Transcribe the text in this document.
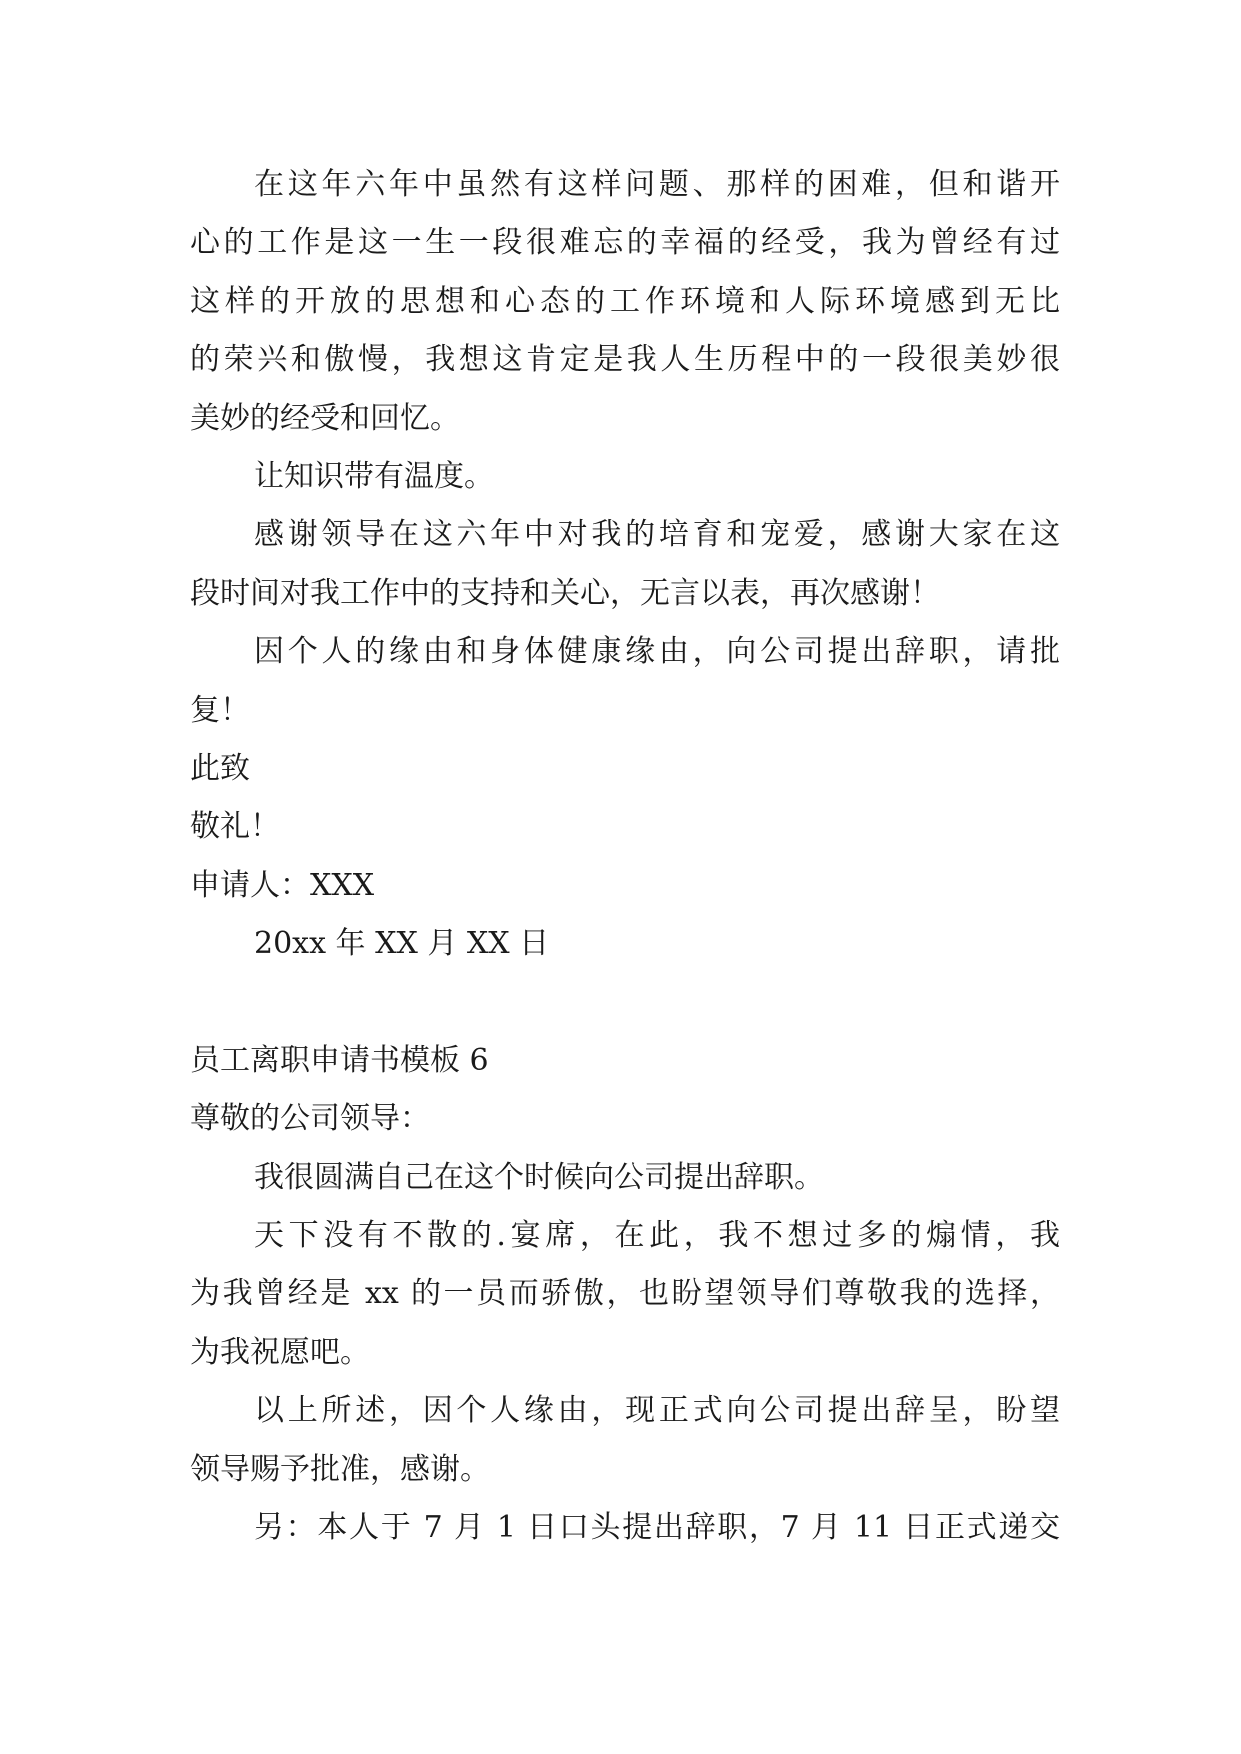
在这年六年中虽然有这样问题、那样的困难，但和谐开
心的工作是这一生一段很难忘的幸福的经受，我为曾经有过
这样的开放的思想和心态的工作环境和人际环境感到无比
的荣兴和傲慢，我想这肯定是我人生历程中的一段很美妙很
美妙的经受和回忆。
让知识带有温度。
感谢领导在这六年中对我的培育和宠爱，感谢大家在这
段时间对我工作中的支持和关心，无言以表，再次感谢！
因个人的缘由和身体健康缘由，向公司提出辞职，请批
复！
此致
敬礼！
申请人：XXX
20xx 年 XX 月 XX 日
员工离职申请书模板 6
尊敬的公司领导：
我很圆满自己在这个时候向公司提出辞职。
天下没有不散的.宴席，在此，我不想过多的煽情，我
为我曾经是 xx 的一员而骄傲，也盼望领导们尊敬我的选择，
为我祝愿吧。
以上所述，因个人缘由，现正式向公司提出辞呈，盼望
领导赐予批准，感谢。
另：本人于 7 月 1 日口头提出辞职，7 月 11 日正式递交
